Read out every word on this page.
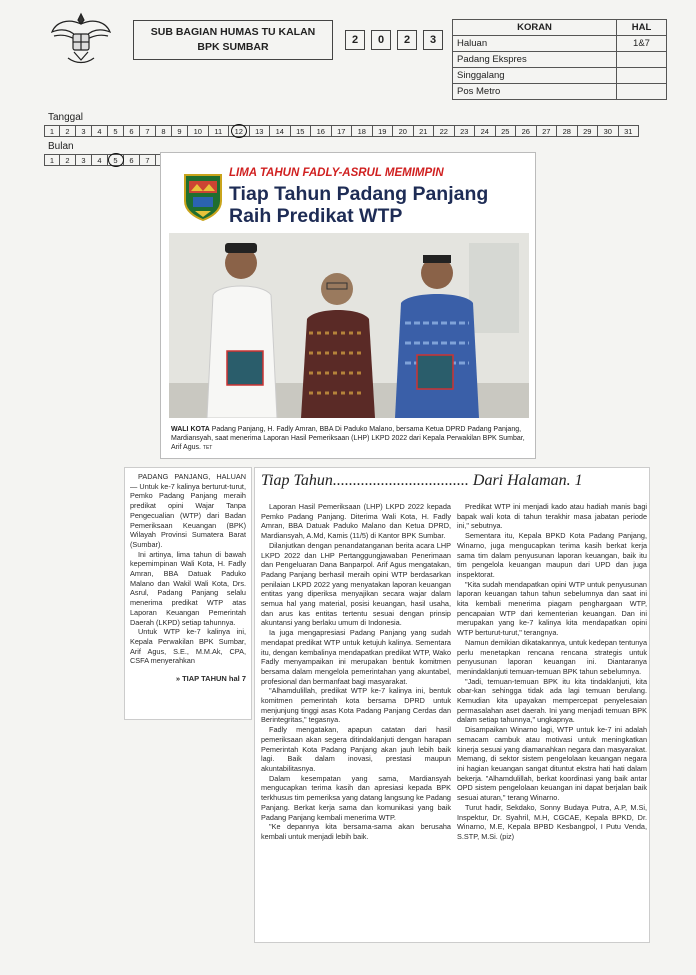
SUB BAGIAN HUMAS TU KALAN
BPK SUMBAR
2	0	2	3
KORAN	HAL
Haluan	1&7
Padang Ekspres	
Singgalang	
Pos Metro	
Tanggal
1	2	3	4	5	6	7	8	9	10	11	12	13	14	15	16	17	18	19	20	21	22	23	24	25	26	27	28	29	30	31
Bulan
1	2	3	4	5	6	7
LIMA TAHUN FADLY-ASRUL MEMIMPIN
Tiap Tahun Padang Panjang
Raih Predikat WTP
WALI KOTA Padang Panjang, H. Fadly Amran, BBA Di Paduko Malano, bersama Ketua DPRD Padang Panjang, Mardiansyah, saat menerima Laporan Hasil Pemeriksaan (LHP) LKPD 2022 dari Kepala Perwakilan BPK Sumbar, Arif Agus. TET

PADANG PANJANG, HALUAN — Untuk ke-7 kalinya berturut-turut, Pemko Padang Panjang meraih predikat opini Wajar Tanpa Pengecualian (WTP) dari Badan Pemeriksaan Keuangan (BPK) Wilayah Provinsi Sumatera Barat (Sumbar).

Ini artinya, lima tahun di bawah kepemimpinan Wali Kota, H. Fadly Amran, BBA Datuak Paduko Malano dan Wakil Wali Kota, Drs. Asrul, Padang Panjang selalu menerima predikat WTP atas Laporan Keuangan Pemerintah Daerah (LKPD) setiap tahunnya.

Untuk WTP ke-7 kalinya ini, Kepala Perwakilan BPK Sumbar, Arif Agus, S.E., M.M.Ak, CPA, CSFA menyerahkan

» TIAP TAHUN hal 7
Tiap Tahun.................................. Dari Halaman. 1

Laporan Hasil Pemeriksaan (LHP) LKPD 2022 kepada Pemko Padang Panjang. Diterima Wali Kota, H. Fadly Amran, BBA Datuak Paduko Malano dan Ketua DPRD, Mardiansyah, A.Md, Kamis (11/5) di Kantor BPK Sumbar.

Dilanjutkan dengan penandatanganan berita acara LHP LKPD 2022 dan LHP Pertanggungjawaban Penerimaan dan Pengeluaran Dana Banparpol. Arif Agus mengatakan, Padang Panjang berhasil meraih opini WTP berdasarkan penilaian LKPD 2022 yang menyatakan laporan keuangan entitas yang diperiksa menyajikan secara wajar dalam semua hal yang material, posisi keuangan, hasil usaha, dan arus kas entitas tertentu sesuai dengan prinsip akuntansi yang berlaku umum di Indonesia.

Ia juga mengapresiasi Padang Panjang yang sudah mendapat predikat WTP untuk ketujuh kalinya. Sementara itu, dengan kembalinya mendapatkan predikat WTP, Wako Fadly menyampaikan ini merupakan bentuk komitmen bersama dalam mengelola pemerintahan yang akuntabel, profesional dan bermanfaat bagi masyarakat.

"Alhamdulillah, predikat WTP ke-7 kalinya ini, bentuk komitmen pemerintah kota bersama DPRD untuk menjunjung tinggi asas Kota Padang Panjang Cerdas dan Berintegritas," tegasnya.

Fadly mengatakan, apapun catatan dari hasil pemeriksaan akan segera ditindaklanjuti dengan harapan Pemerintah Kota Padang Panjang akan jauh lebih baik lagi. Baik dalam inovasi, prestasi maupun akuntabilitasnya.

Dalam kesempatan yang sama, Mardiansyah mengucapkan terima kasih dan apresiasi kepada BPK terkhusus tim pemeriksa yang datang langsung ke Padang Panjang. Berkat kerja sama dan komunikasi yang baik Padang Panjang kembali menerima WTP.

"Ke depannya kita bersama-sama akan berusaha kembali untuk menjadi lebih baik.

Predikat WTP ini menjadi kado atau hadiah manis bagi bapak wali kota di tahun terakhir masa jabatan periode ini," sebutnya.

Sementara itu, Kepala BPKD Kota Padang Panjang, Winarno, juga mengucapkan terima kasih berkat kerja sama tim dalam penyusunan laporan keuangan, baik itu tim pengelola keuangan maupun dari UPD dan juga inspektorat.

"Kita sudah mendapatkan opini WTP untuk penyusunan laporan keuangan tahun tahun sebelumnya dan saat ini kita kembali menerima piagam penghargaan WTP, pencapaian WTP dari kementerian keuangan. Dan ini merupakan yang ke-7 kalinya kita mendapatkan opini WTP berturut-turut," terangnya.

Namun demikian dikatakannya, untuk kedepan tentunya perlu menetapkan rencana rencana strategis untuk penyusunan laporan keuangan ini. Diantaranya menindaklanjuti temuan-temuan BPK tahun sebelumnya.

"Jadi, temuan-temuan BPK itu kita tindaklanjuti, kita obar-kan sehingga tidak ada lagi temuan berulang. Kemudian kita upayakan mempercepat penyelesaian permasalahan aset daerah. Ini yang menjadi temuan BPK dalam setiap tahunnya," ungkapnya.

Disampaikan Winarno lagi, WTP untuk ke-7 ini adalah semacam cambuk atau motivasi untuk meningkatkan kinerja sesuai yang diamanahkan negara dan masyarakat. Memang, di sektor sistem pengelolaan keuangan negara ini hagian keuangan sangat dituntut ekstra hati hati dalam bekerja. "Alhamdulillah, berkat koordinasi yang baik antar OPD sistem pengelolaan keuangan ini dapat berjalan baik sesuai aturan," terang Winarno.

Turut hadir, Sekdako, Sonny Budaya Putra, A.P, M.Si, Inspektur, Dr. Syahril, M.H, CGCAE, Kepala BPKD, Dr. Winarno, M.E, Kepala BPBD Kesbangpol, I Putu Venda, S.STP, M.Si. (piz)
